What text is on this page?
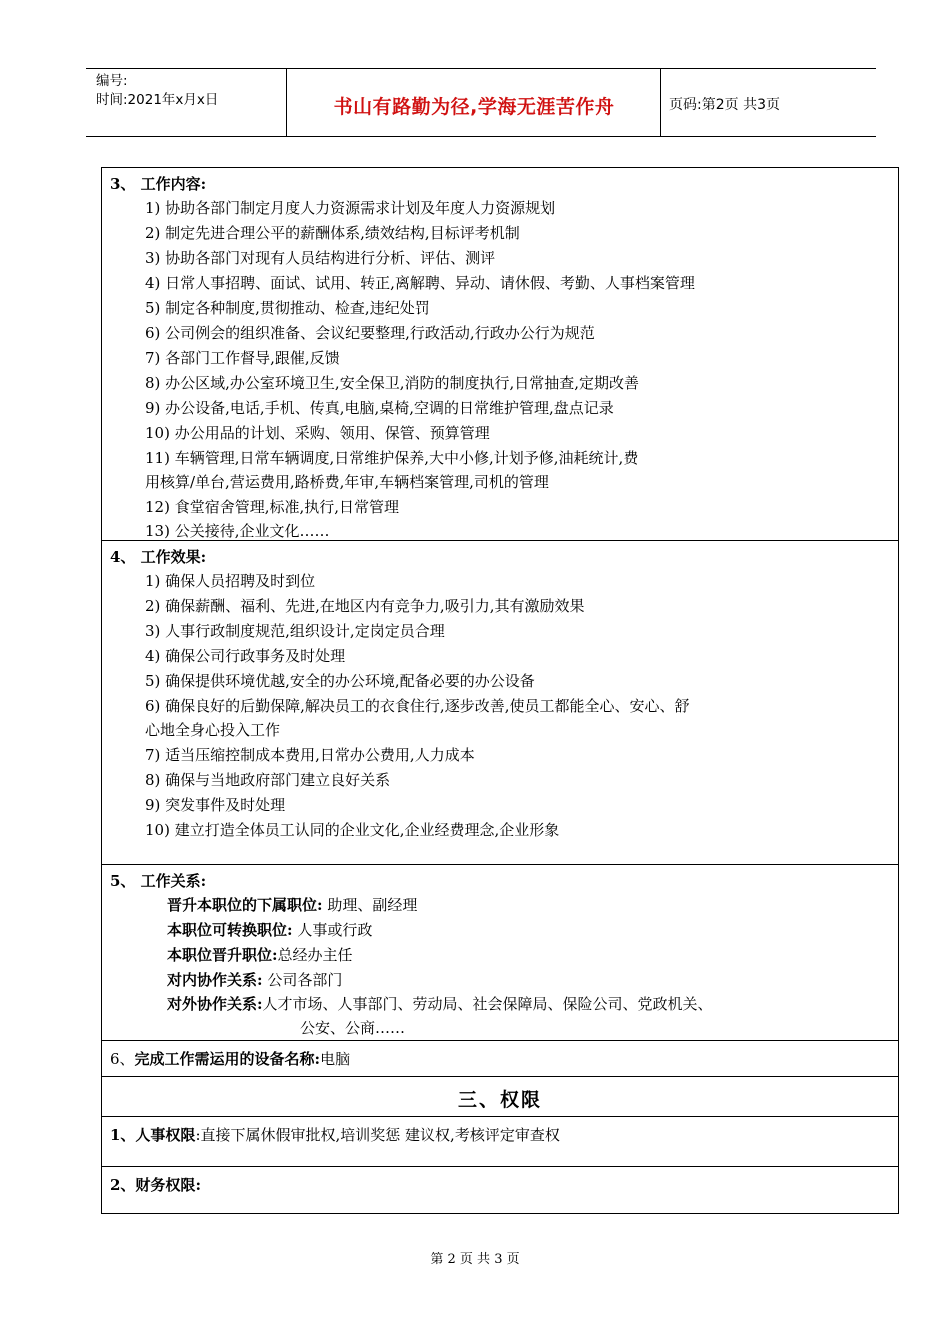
编号:
时间:2021年x月x日	书山有路勤为径,学海无涯苦作舟	页码:第2页 共3页
3、 工作内容:
1) 协助各部门制定月度人力资源需求计划及年度人力资源规划
2) 制定先进合理公平的薪酬体系,绩效结构,目标评考机制
3) 协助各部门对现有人员结构进行分析、评估、测评
4) 日常人事招聘、面试、试用、转正,离解聘、异动、请休假、考勤、人事档案管理
5) 制定各种制度,贯彻推动、检查,违纪处罚
6) 公司例会的组织准备、会议纪要整理,行政活动,行政办公行为规范
7) 各部门工作督导,跟催,反馈
8) 办公区域,办公室环境卫生,安全保卫,消防的制度执行,日常抽查,定期改善
9) 办公设备,电话,手机、传真,电脑,桌椅,空调的日常维护管理,盘点记录
10) 办公用品的计划、采购、领用、保管、预算管理
11) 车辆管理,日常车辆调度,日常维护保养,大中小修,计划予修,油耗统计,费
用核算/单台,营运费用,路桥费,年审,车辆档案管理,司机的管理
12) 食堂宿舍管理,标准,执行,日常管理
13) 公关接待,企业文化……
4、 工作效果:
1) 确保人员招聘及时到位
2) 确保薪酬、福利、先进,在地区内有竞争力,吸引力,其有激励效果
3) 人事行政制度规范,组织设计,定岗定员合理
4) 确保公司行政事务及时处理
5) 确保提供环境优越,安全的办公环境,配备必要的办公设备
6) 确保良好的后勤保障,解决员工的衣食住行,逐步改善,使员工都能全心、安心、舒
心地全身心投入工作
7) 适当压缩控制成本费用,日常办公费用,人力成本
8) 确保与当地政府部门建立良好关系
9) 突发事件及时处理
10) 建立打造全体员工认同的企业文化,企业经费理念,企业形象
5、 工作关系:
晋升本职位的下属职位: 助理、副经理
本职位可转换职位: 人事或行政
本职位晋升职位:总经办主任
对内协作关系: 公司各部门
对外协作关系:人才市场、人事部门、劳动局、社会保障局、保险公司、党政机关、
公安、公商……
6、完成工作需运用的设备名称:电脑
三、权限
1、人事权限:直接下属休假审批权,培训奖惩 建议权,考核评定审查权
2、财务权限:
第 2 页 共 3 页
